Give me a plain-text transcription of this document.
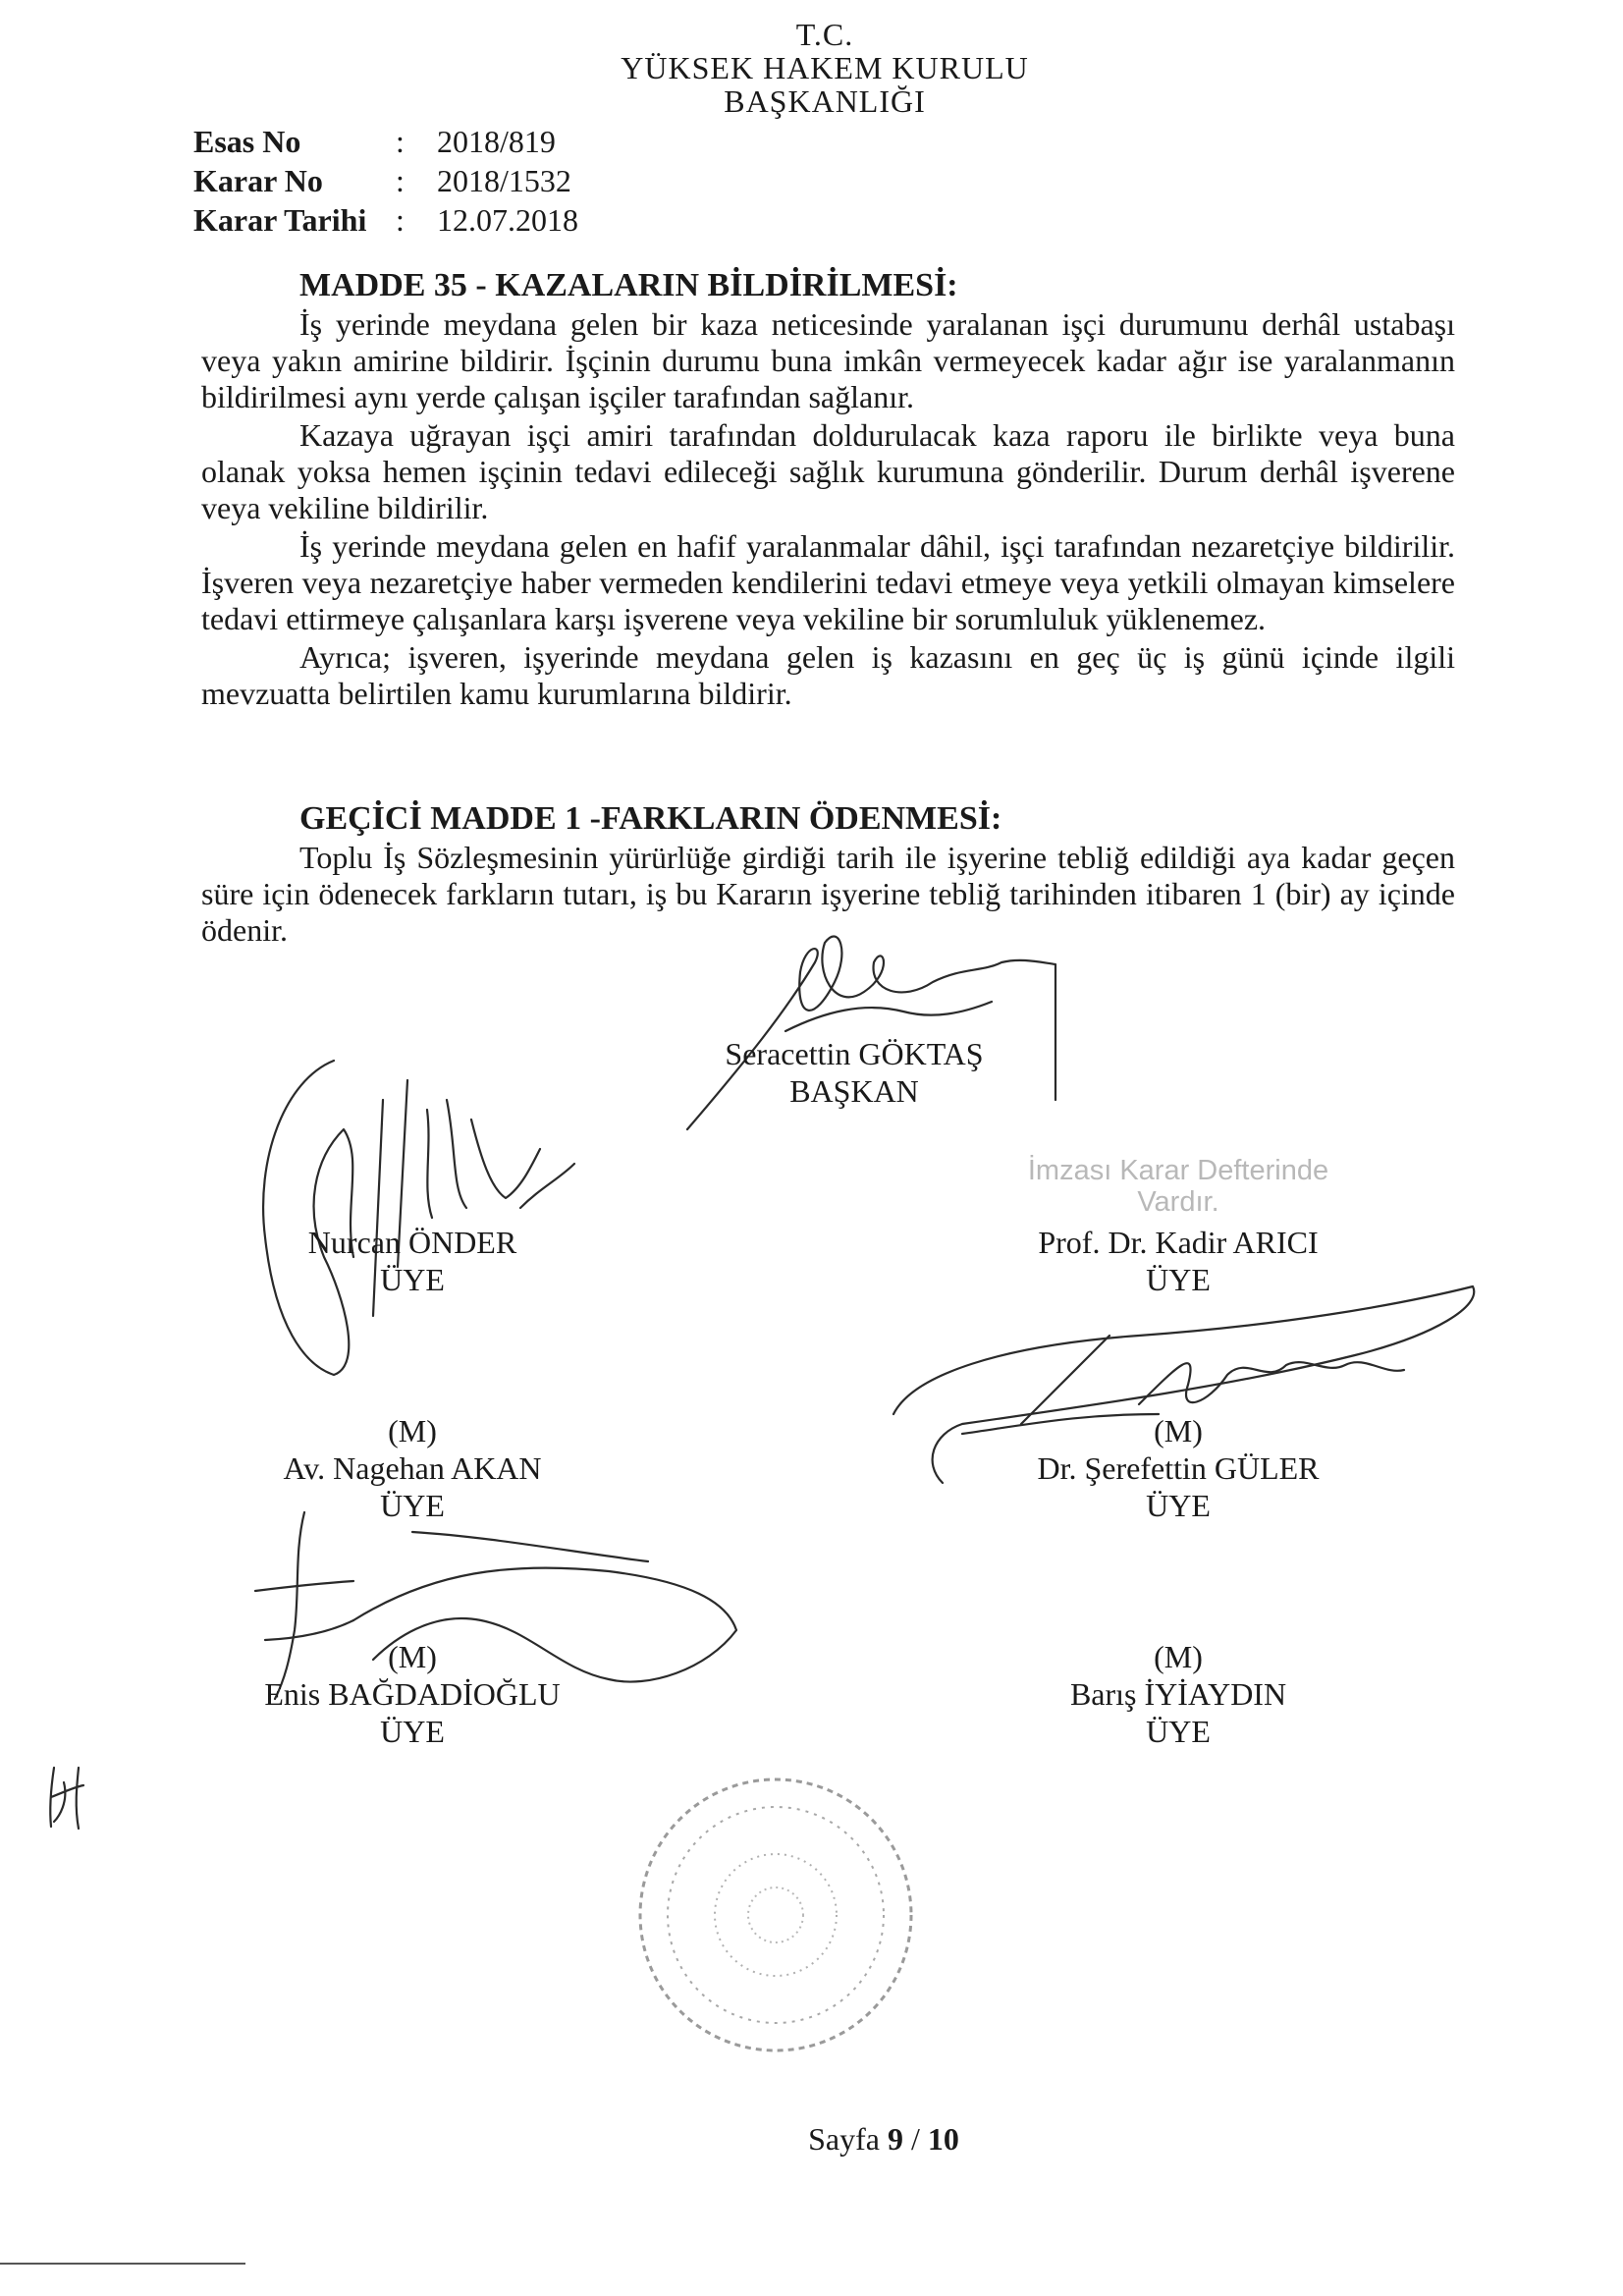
T.C.
YÜKSEK HAKEM KURULU
BAŞKANLIĞI
Esas No	: 2018/819
Karar No : 2018/1532
Karar Tarihi : 12.07.2018
MADDE 35 - KAZALARIN BİLDİRİLMESİ:

İş yerinde meydana gelen bir kaza neticesinde yaralanan işçi durumunu derhâl ustabaşı veya yakın amirine bildirir. İşçinin durumu buna imkân vermeyecek kadar ağır ise yaralanmanın bildirilmesi aynı yerde çalışan işçiler tarafından sağlanır.

Kazaya uğrayan işçi amiri tarafından doldurulacak kaza raporu ile birlikte veya buna olanak yoksa hemen işçinin tedavi edileceği sağlık kurumuna gönderilir. Durum derhâl işverene veya vekiline bildirilir.

İş yerinde meydana gelen en hafif yaralanmalar dâhil, işçi tarafından nezaretçiye bildirilir. İşveren veya nezaretçiye haber vermeden kendilerini tedavi etmeye veya yetkili olmayan kimselere tedavi ettirmeye çalışanlara karşı işverene veya vekiline bir sorumluluk yüklenemez.

Ayrıca; işveren, işyerinde meydana gelen iş kazasını en geç üç iş günü içinde ilgili mevzuatta belirtilen kamu kurumlarına bildirir.

GEÇİCİ MADDE 1 -FARKLARIN ÖDENMESİ:

Toplu İş Sözleşmesinin yürürlüğe girdiği tarih ile işyerine tebliğ edildiği aya kadar geçen süre için ödenecek farkların tutarı, iş bu Kararın işyerine tebliğ tarihinden itibaren 1 (bir) ay içinde ödenir.

İmzası Karar Defterinde
Vardır.
Seracettin GÖKTAŞ
BAŞKAN
Nurcan ÖNDER
ÜYE
Prof. Dr. Kadir ARICI
ÜYE
(M)
Av. Nagehan AKAN
ÜYE
(M)
Dr. Şerefettin GÜLER
ÜYE
(M)
Enis BAĞDADİOĞLU
ÜYE
(M)
Barış İYİAYDIN
ÜYE
Sayfa 9 / 10
